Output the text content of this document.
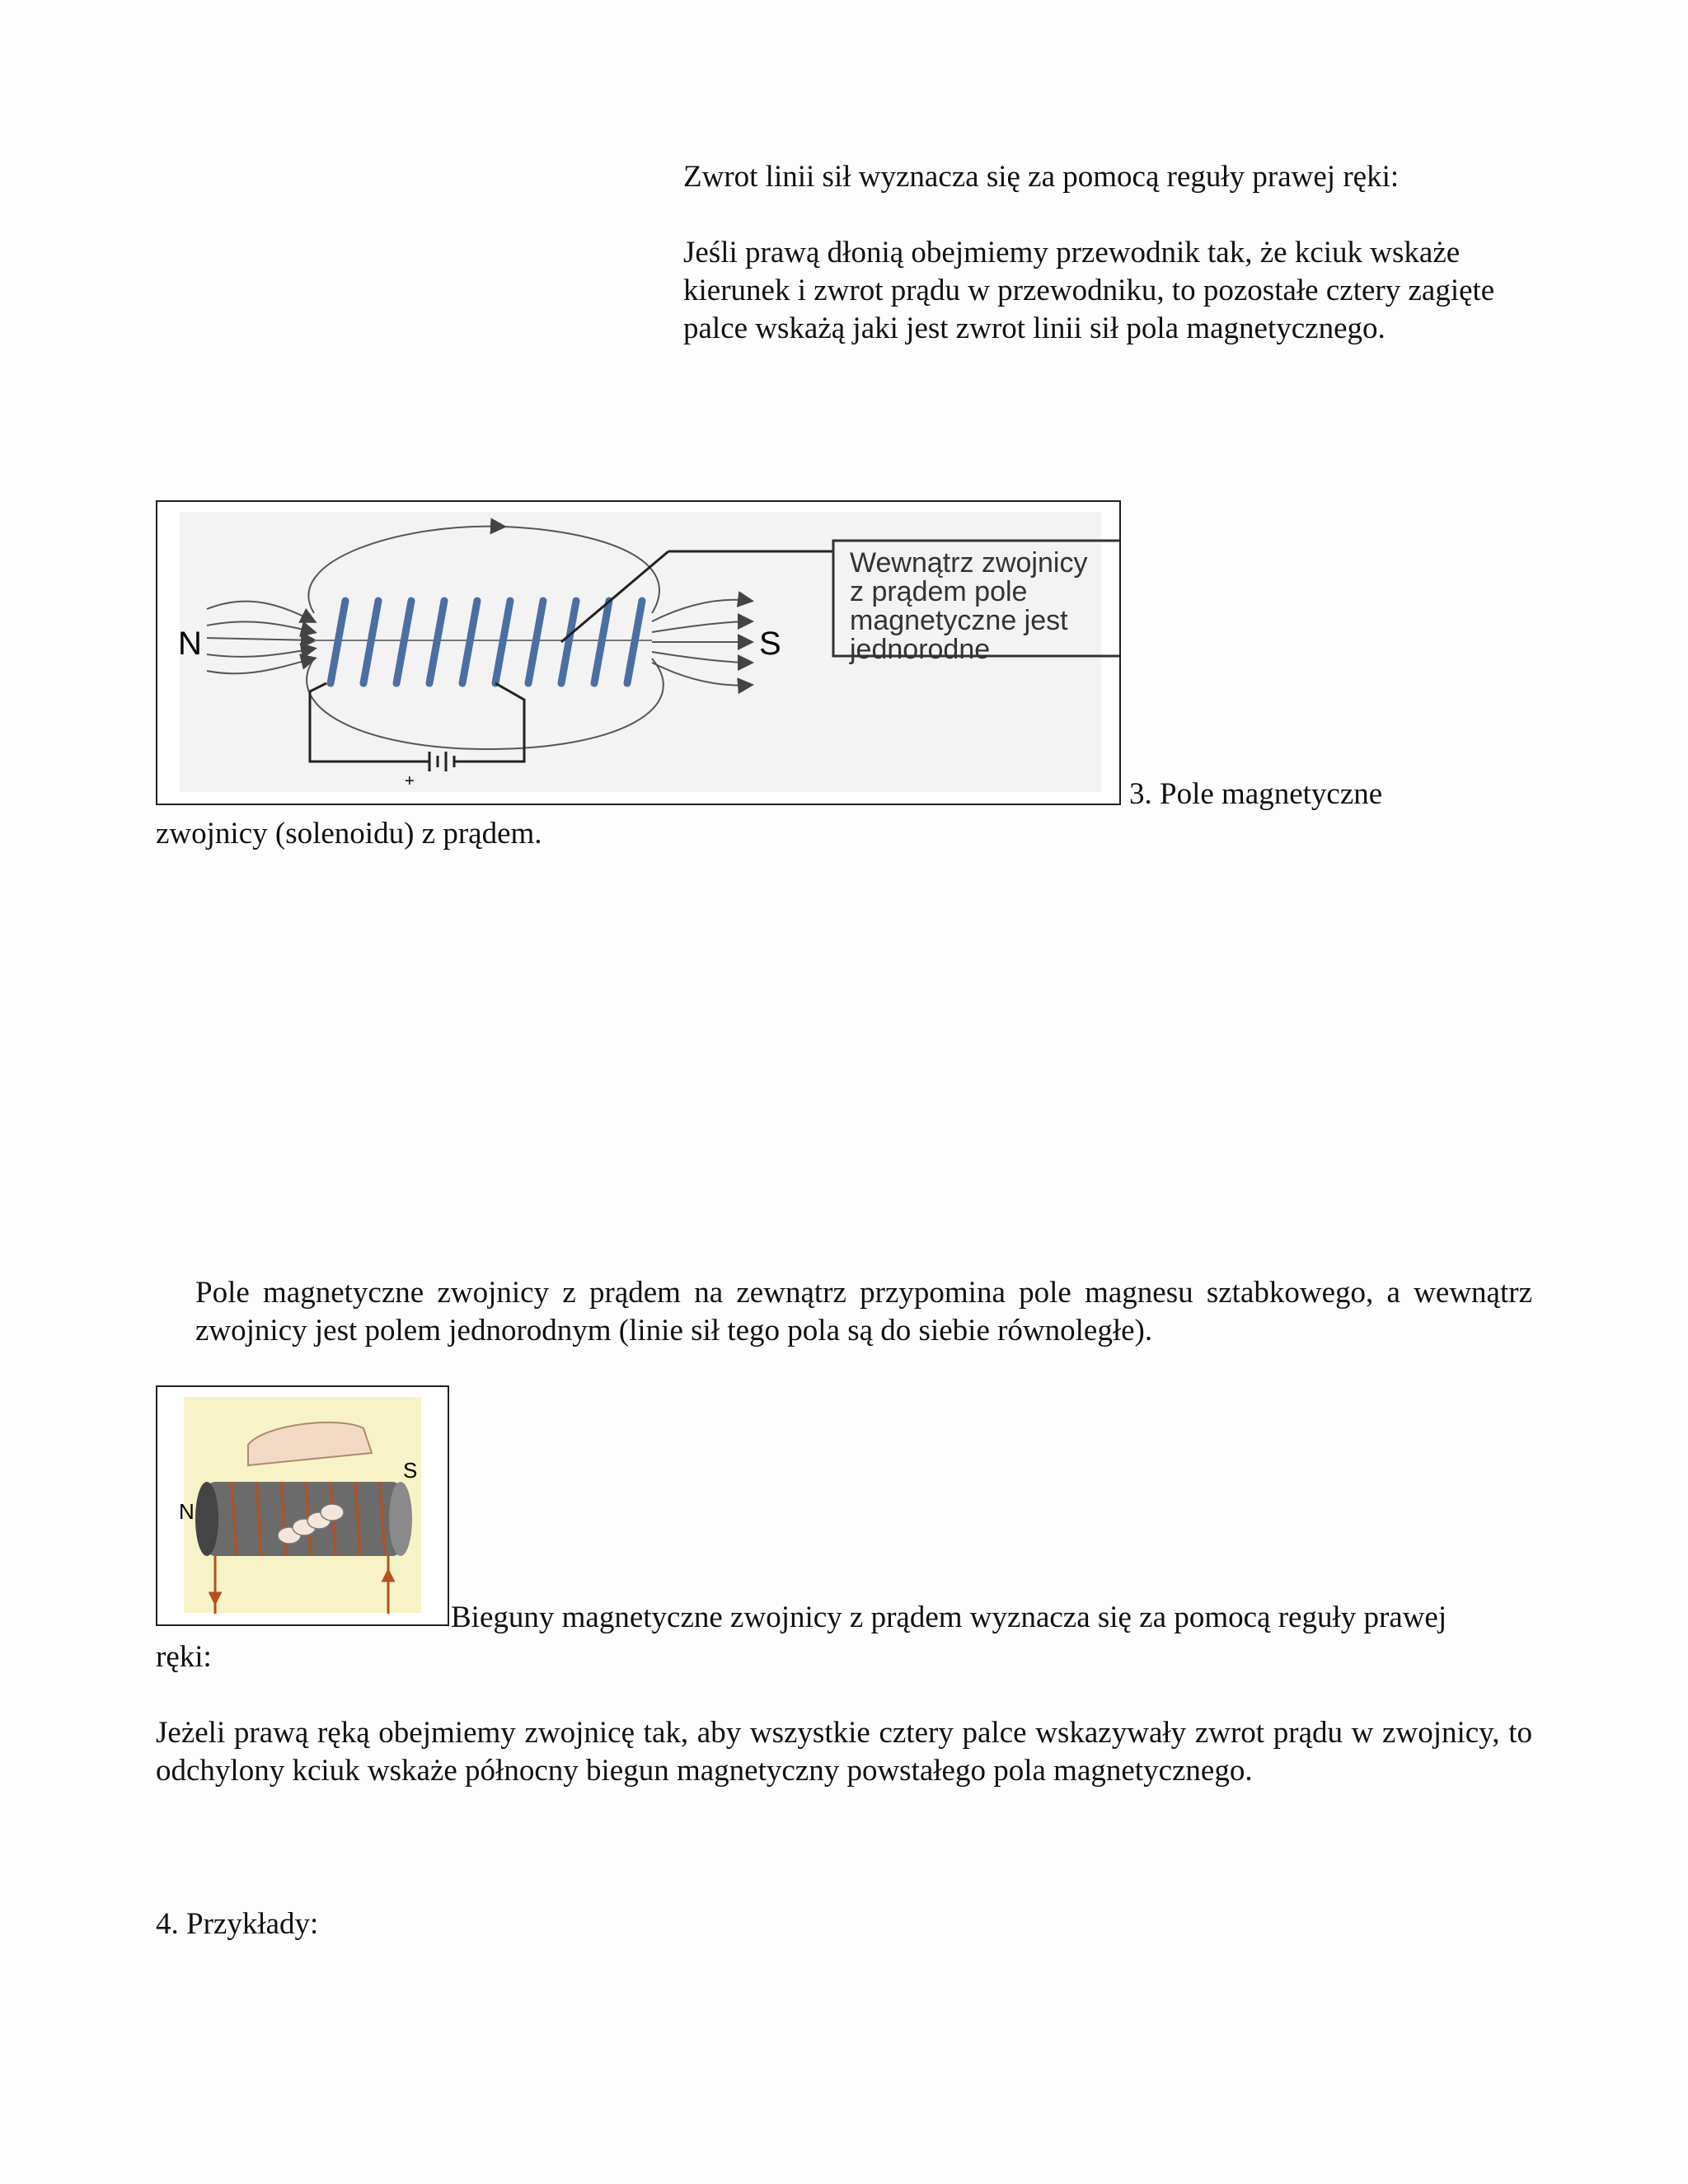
Zwrot linii sił wyznacza się za pomocą reguły prawej ręki:

Jeśli prawą dłonią obejmiemy przewodnik tak, że kciuk wskaże kierunek i zwrot prądu w przewodniku, to pozostałe cztery zagięte palce wskażą jaki jest zwrot linii sił pola magnetycznego.

+
N	S
Wewnątrz zwojnicy z prądem pole magnetyczne jest jednorodne

3. Pole magnetyczne

zwojnicy (solenoidu) z prądem.

Pole magnetyczne zwojnicy z prądem na zewnątrz przypomina pole magnesu sztabkowego, a wewnątrz zwojnicy jest polem jednorodnym (linie sił tego pola są do siebie równoległe).

N
S

Bieguny magnetyczne zwojnicy z prądem wyznacza się za pomocą reguły prawej

ręki:

Jeżeli prawą ręką obejmiemy zwojnicę tak, aby wszystkie cztery palce wskazywały zwrot prądu w zwojnicy, to odchylony kciuk wskaże północny biegun magnetyczny powstałego pola magnetycznego.

4. Przykłady:
